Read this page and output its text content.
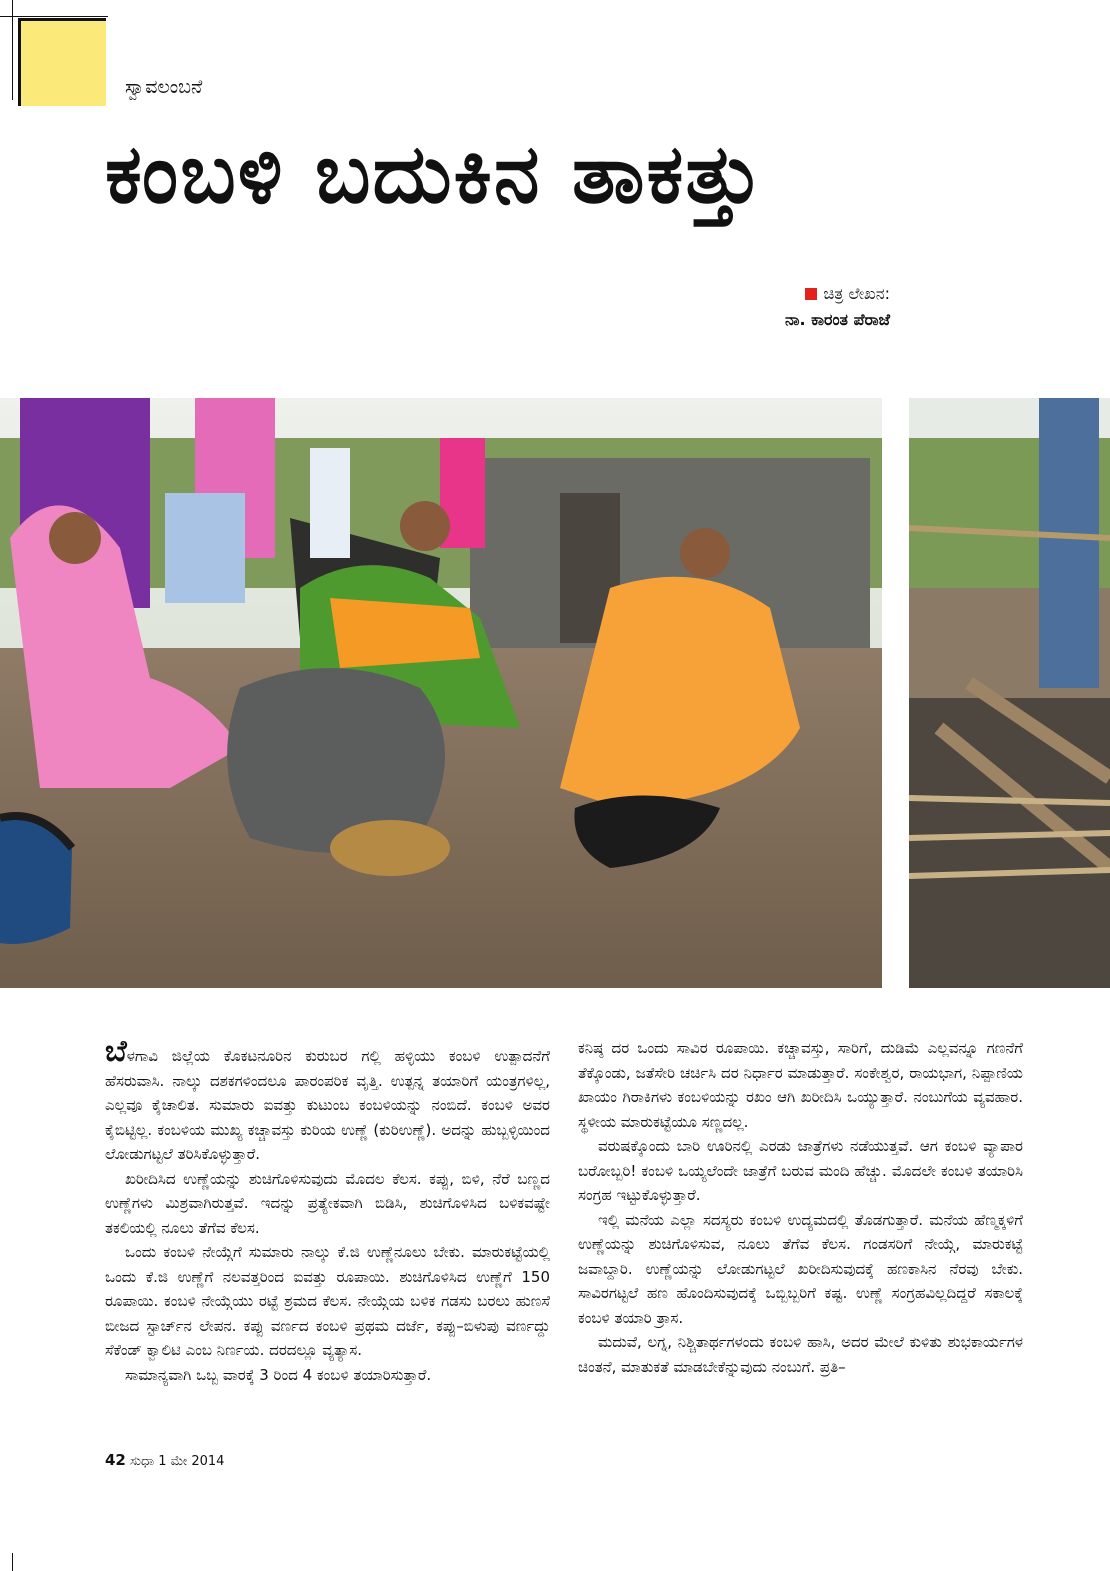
ಸ್ವಾವಲಂಬನೆ
ಕಂಬಳಿ ಬದುಕಿನ ತಾಕತ್ತು
ಚಿತ್ರ ಲೇಖನ:
ನಾ. ಕಾರಂತ ಪೆರಾಜೆ

ಬೆಳಗಾವಿ ಜಿಲ್ಲೆಯ ಕೊಕಟನೂರಿನ ಕುರುಬರ ಗಲ್ಲಿ ಹಳ್ಳಿಯು ಕಂಬಳಿ ಉತ್ಪಾದನೆಗೆ ಹೆಸರುವಾಸಿ. ನಾಲ್ಕು ದಶಕಗಳಿಂದಲೂ ಪಾರಂಪರಿಕ ವೃತ್ತಿ. ಉತ್ಪನ್ನ ತಯಾರಿಗೆ ಯಂತ್ರಗಳಿಲ್ಲ, ಎಲ್ಲವೂ ಕೈಚಾಲಿತ. ಸುಮಾರು ಐವತ್ತು ಕುಟುಂಬ ಕಂಬಳಿಯನ್ನು ನಂಬಿದೆ. ಕಂಬಳಿ ಅವರ ಕೈಬಿಟ್ಟಿಲ್ಲ. ಕಂಬಳಿಯ ಮುಖ್ಯ ಕಚ್ಚಾವಸ್ತು ಕುರಿಯ ಉಣ್ಣೆ (ಕುರಿಉಣ್ಣೆ). ಅದನ್ನು ಹುಬ್ಬಳ್ಳಿಯಿಂದ ಲೋಡುಗಟ್ಟಲೆ ತರಿಸಿಕೊಳ್ಳುತ್ತಾರೆ.

ಖರೀದಿಸಿದ ಉಣ್ಣೆಯನ್ನು ಶುಚಿಗೊಳಿಸುವುದು ಮೊದಲ ಕೆಲಸ. ಕಪ್ಪು, ಬಿಳಿ, ನೆರೆ ಬಣ್ಣದ ಉಣ್ಣೆಗಳು ಮಿಶ್ರವಾಗಿರುತ್ತವೆ. ಇದನ್ನು ಪ್ರತ್ಯೇಕವಾಗಿ ಬಿಡಿಸಿ, ಶುಚಿಗೊಳಿಸಿದ ಬಳಿಕವಷ್ಟೇ ತಕಲಿಯಲ್ಲಿ ನೂಲು ತೆಗೆವ ಕೆಲಸ.

ಒಂದು ಕಂಬಳಿ ನೇಯ್ಗೆಗೆ ಸುಮಾರು ನಾಲ್ಕು ಕೆ.ಜಿ ಉಣ್ಣೆನೂಲು ಬೇಕು. ಮಾರುಕಟ್ಟೆಯಲ್ಲಿ ಒಂದು ಕೆ.ಜಿ ಉಣ್ಣೆಗೆ ನಲವತ್ತರಿಂದ ಐವತ್ತು ರೂಪಾಯಿ. ಶುಚಿಗೊಳಿಸಿದ ಉಣ್ಣೆಗೆ 150 ರೂಪಾಯಿ. ಕಂಬಳಿ ನೇಯ್ಗೆಯು ರಟ್ಟೆ ಶ್ರಮದ ಕೆಲಸ. ನೇಯ್ಗೆಯ ಬಳಿಕ ಗಡಸು ಬರಲು ಹುಣಸೆ ಬೀಜದ ಸ್ಟಾರ್ಚ್‌ನ ಲೇಪನ. ಕಪ್ಪು ವರ್ಣದ ಕಂಬಳಿ ಪ್ರಥಮ ದರ್ಜೆ, ಕಪ್ಪು–ಬಿಳುಪು ವರ್ಣದ್ದು ಸೆಕೆಂಡ್ ಕ್ವಾಲಿಟಿ ಎಂಬ ನಿರ್ಣಯ. ದರದಲ್ಲೂ ವ್ಯತ್ಯಾಸ.

ಸಾಮಾನ್ಯವಾಗಿ ಒಬ್ಬ ವಾರಕ್ಕೆ 3 ರಿಂದ 4 ಕಂಬಳಿ ತಯಾರಿಸುತ್ತಾರೆ.

ಕನಿಷ್ಠ ದರ ಒಂದು ಸಾವಿರ ರೂಪಾಯಿ. ಕಚ್ಚಾವಸ್ತು, ಸಾರಿಗೆ, ದುಡಿಮೆ ಎಲ್ಲವನ್ನೂ ಗಣನೆಗೆ ತೆಕ್ಕೊಂಡು, ಜತೆಸೇರಿ ಚರ್ಚಿಸಿ ದರ ನಿರ್ಧಾರ ಮಾಡುತ್ತಾರೆ. ಸಂಕೇಶ್ವರ, ರಾಯಭಾಗ, ನಿಪ್ಪಾಣಿಯ ಖಾಯಂ ಗಿರಾಕಿಗಳು ಕಂಬಳಿಯನ್ನು ರಖಂ ಆಗಿ ಖರೀದಿಸಿ ಒಯ್ಯುತ್ತಾರೆ. ನಂಬುಗೆಯ ವ್ಯವಹಾರ. ಸ್ಥಳೀಯ ಮಾರುಕಟ್ಟೆಯೂ ಸಣ್ಣದಲ್ಲ.

ವರುಷಕ್ಕೊಂದು ಬಾರಿ ಊರಿನಲ್ಲಿ ಎರಡು ಜಾತ್ರೆಗಳು ನಡೆಯುತ್ತವೆ. ಆಗ ಕಂಬಳಿ ವ್ಯಾಪಾರ ಬರೋಬ್ಬರಿ! ಕಂಬಳಿ ಒಯ್ಯಲೆಂದೇ ಜಾತ್ರೆಗೆ ಬರುವ ಮಂದಿ ಹೆಚ್ಚು. ಮೊದಲೇ ಕಂಬಳಿ ತಯಾರಿಸಿ ಸಂಗ್ರಹ ಇಟ್ಟುಕೊಳ್ಳುತ್ತಾರೆ.

ಇಲ್ಲಿ ಮನೆಯ ಎಲ್ಲಾ ಸದಸ್ಯರು ಕಂಬಳಿ ಉದ್ಯಮದಲ್ಲಿ ತೊಡಗುತ್ತಾರೆ. ಮನೆಯ ಹೆಣ್ಮಕ್ಕಳಿಗೆ ಉಣ್ಣೆಯನ್ನು ಶುಚಿಗೊಳಿಸುವ, ನೂಲು ತೆಗೆವ ಕೆಲಸ. ಗಂಡಸರಿಗೆ ನೇಯ್ಗೆ, ಮಾರುಕಟ್ಟೆ ಜವಾಬ್ದಾರಿ. ಉಣ್ಣೆಯನ್ನು ಲೋಡುಗಟ್ಟಲೆ ಖರೀದಿಸುವುದಕ್ಕೆ ಹಣಕಾಸಿನ ನೆರವು ಬೇಕು. ಸಾವಿರಗಟ್ಟಲೆ ಹಣ ಹೊಂದಿಸುವುದಕ್ಕೆ ಒಬ್ಬಿಬ್ಬರಿಗೆ ಕಷ್ಟ. ಉಣ್ಣೆ ಸಂಗ್ರಹವಿಲ್ಲದಿದ್ದರೆ ಸಕಾಲಕ್ಕೆ ಕಂಬಳಿ ತಯಾರಿ ತ್ರಾಸ.

ಮದುವೆ, ಲಗ್ನ, ನಿಶ್ಚಿತಾರ್ಥಗಳಂದು ಕಂಬಳಿ ಹಾಸಿ, ಅದರ ಮೇಲೆ ಕುಳಿತು ಶುಭಕಾರ್ಯಗಳ ಚಿಂತನೆ, ಮಾತುಕತೆ ಮಾಡಬೇಕೆನ್ನುವುದು ನಂಬುಗೆ. ಪ್ರತಿ–

42 ಸುಧಾ 1 ಮೇ 2014
